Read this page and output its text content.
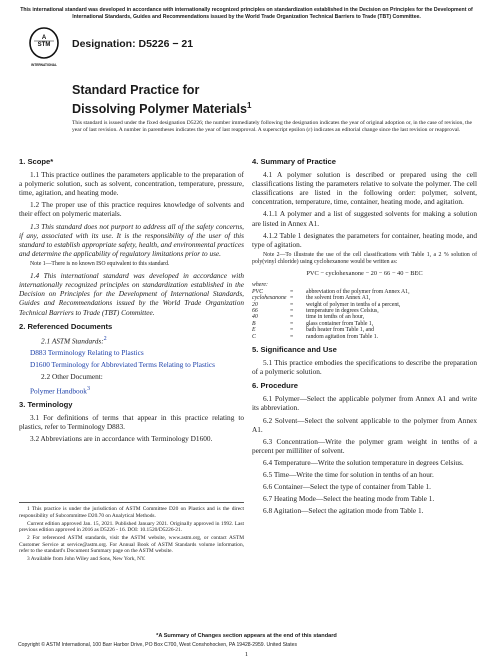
This international standard was developed in accordance with internationally recognized principles on standardization established in the Decision on Principles for the Development of International Standards, Guides and Recommendations issued by the World Trade Organization Technical Barriers to Trade (TBT) Committee.
A
STM
INTERNATIONAL
Designation: D5226 − 21
Standard Practice for
Dissolving Polymer Materials$^1$
This standard is issued under the fixed designation D5226; the number immediately following the designation indicates the year of original adoption or, in the case of revision, the year of last revision. A number in parentheses indicates the year of last reapproval. A superscript epsilon (ε) indicates an editorial change since the last revision or reapproval.
1. Scope*

1.1 This practice outlines the parameters applicable to the preparation of a polymeric solution, such as solvent, concentration, temperature, pressure, time, agitation, and heating mode.

1.2 The proper use of this practice requires knowledge of solvents and their effect on polymeric materials.

1.3 This standard does not purport to address all of the safety concerns, if any, associated with its use. It is the responsibility of the user of this standard to establish appropriate safety, health, and environmental practices and determine the applicability of regulatory limitations prior to use.

Note 1—There is no known ISO equivalent to this standard.

1.4 This international standard was developed in accordance with internationally recognized principles on standardization established in the Decision on Principles for the Development of International Standards, Guides and Recommendations issued by the World Trade Organization Technical Barriers to Trade (TBT) Committee.

2. Referenced Documents

2.1 ASTM Standards:$^2$

D883 Terminology Relating to Plastics

D1600 Terminology for Abbreviated Terms Relating to Plastics

2.2 Other Document:

Polymer Handbook$^3$

3. Terminology

3.1 For definitions of terms that appear in this practice relating to plastics, refer to Terminology D883.

3.2 Abbreviations are in accordance with Terminology D1600.

1 This practice is under the jurisdiction of ASTM Committee D20 on Plastics and is the direct responsibility of Subcommittee D20.70 on Analytical Methods.

Current edition approved Jan. 15, 2021. Published January 2021. Originally approved in 1992. Last previous edition approved in 2016 as D5226 - 16. DOI: 10.1520/D5226-21.

2 For referenced ASTM standards, visit the ASTM website, www.astm.org, or contact ASTM Customer Service at service@astm.org. For Annual Book of ASTM Standards volume information, refer to the standard's Document Summary page on the ASTM website.

3 Available from John Wiley and Sons, New York, NY.

4. Summary of Practice

4.1 A polymer solution is described or prepared using the cell classifications listing the parameters relative to solvate the polymer. The cell classifications are listed in the following order: polymer, solvent, concentration, temperature, time, container, heating mode, and agitation.

4.1.1 A polymer and a list of suggested solvents for making a solution are listed in Annex A1.

4.1.2 Table 1 designates the parameters for container, heating mode, and type of agitation.

Note 2—To illustrate the use of the cell classifications with Table 1, a 2 % solution of poly(vinyl chloride) using cyclohexanone would be written as:

PVC − cyclohexanone − 20 − 66 − 40 − BEC
where:
PVC	=	abbreviation of the polymer from Annex A1,
cyclohexanone =	the solvent from Annex A1,
20	=	weight of polymer in tenths of a percent,
66	=	temperature in degrees Celsius,
40	=	time in tenths of an hour,
B	=	glass container from Table 1,
E	=	bath heater from Table 1, and
C	=	random agitation from Table 1.
5. Significance and Use

5.1 This practice embodies the specifications to describe the preparation of a polymeric solution.

6. Procedure

6.1 Polymer—Select the applicable polymer from Annex A1 and write its abbreviation.

6.2 Solvent—Select the solvent applicable to the polymer from Annex A1.

6.3 Concentration—Write the polymer gram weight in tenths of a percent per milliliter of solvent.

6.4 Temperature—Write the solution temperature in degrees Celsius.

6.5 Time—Write the time for solution in tenths of an hour.

6.6 Container—Select the type of container from Table 1.

6.7 Heating Mode—Select the heating mode from Table 1.

6.8 Agitation—Select the agitation mode from Table 1.

*A Summary of Changes section appears at the end of this standard
Copyright © ASTM International, 100 Barr Harbor Drive, PO Box C700, West Conshohocken, PA 19428-2959. United States
1
